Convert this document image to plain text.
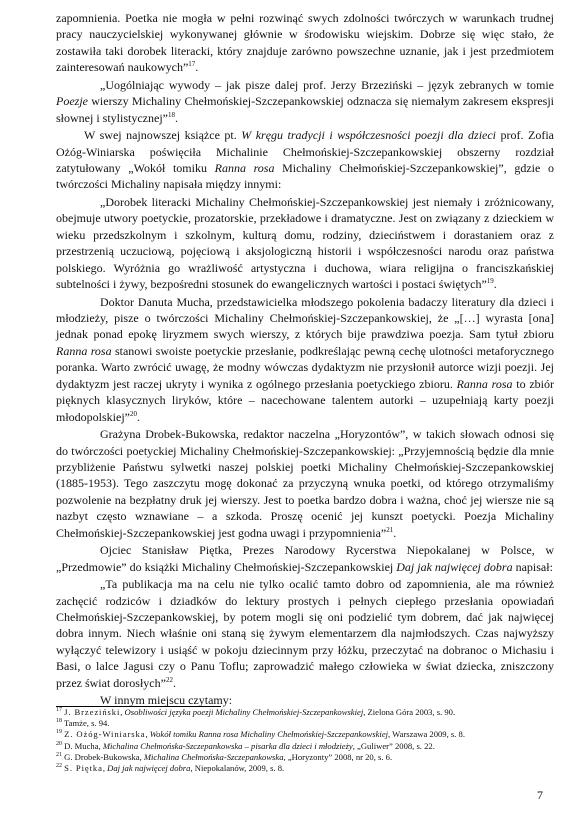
zapomnienia. Poetka nie mogła w pełni rozwinąć swych zdolności twórczych w warunkach trudnej pracy nauczycielskiej wykonywanej głównie w środowisku wiejskim. Dobrze się więc stało, że zostawiła taki dorobek literacki, który znajduje zarówno powszechne uznanie, jak i jest przedmiotem zainteresowań naukowych”$^{17}$.

„Uogólniając wywody – jak pisze dalej prof. Jerzy Brzeziński – język zebranych w tomie Poezje wierszy Michaliny Chełmońskiej-Szczepankowskiej odznacza się niemałym zakresem ekspresji słownej i stylistycznej”$^{18}$.

W swej najnowszej książce pt. W kręgu tradycji i współczesności poezji dla dzieci prof. Zofia Ożóg-Winiarska poświęciła Michalinie Chełmońskiej-Szczepankowskiej obszerny rozdział zatytułowany „Wokół tomiku Ranna rosa Michaliny Chełmońskiej-Szczepankowskiej”, gdzie o twórczości Michaliny napisała między innymi:

„Dorobek literacki Michaliny Chełmońskiej-Szczepankowskiej jest niemały i zróżnicowany, obejmuje utwory poetyckie, prozatorskie, przekładowe i dramatyczne. Jest on związany z dzieckiem w wieku przedszkolnym i szkolnym, kulturą domu, rodziny, dzieciństwem i dorastaniem oraz z przestrzenią uczuciową, pojęciową i aksjologiczną historii i współczesności narodu oraz państwa polskiego. Wyróżnia go wrażliwość artystyczna i duchowa, wiara religijna o franciszkańskiej subtelności i żywy, bezpośredni stosunek do ewangelicznych wartości i postaci świętych”$^{19}$.

Doktor Danuta Mucha, przedstawicielka młodszego pokolenia badaczy literatury dla dzieci i młodzieży, pisze o twórczości Michaliny Chełmońskiej-Szczepankowskiej, że „[…] wyrasta [ona] jednak ponad epokę liryzmem swych wierszy, z których bije prawdziwa poezja. Sam tytuł zbioru Ranna rosa stanowi swoiste poetyckie przesłanie, podkreślając pewną cechę ulotności metaforycznego poranka. Warto zwrócić uwagę, że modny wówczas dydaktyzm nie przysłonił autorce wizji poezji. Jej dydaktyzm jest raczej ukryty i wynika z ogólnego przesłania poetyckiego zbioru. Ranna rosa to zbiór pięknych klasycznych liryków, które – nacechowane talentem autorki – uzupełniają karty poezji młodopolskiej”$^{20}$.

Grażyna Drobek-Bukowska, redaktor naczelna „Horyzontów”, w takich słowach odnosi się do twórczości poetyckiej Michaliny Chełmońskiej-Szczepankowskiej: „Przyjemnością będzie dla mnie przybliżenie Państwu sylwetki naszej polskiej poetki Michaliny Chełmońskiej-Szczepankowskiej (1885-1953). Tego zaszczytu mogę dokonać za przyczyną wnuka poetki, od którego otrzymaliśmy pozwolenie na bezpłatny druk jej wierszy. Jest to poetka bardzo dobra i ważna, choć jej wiersze nie są nazbyt często wznawiane – a szkoda. Proszę ocenić jej kunszt poetycki. Poezja Michaliny Chełmońskiej-Szczepankowskiej jest godna uwagi i przypomnienia”$^{21}$.

Ojciec Stanisław Piętka, Prezes Narodowy Rycerstwa Niepokalanej w Polsce, w „Przedmowie” do książki Michaliny Chełmońskiej-Szczepankowskiej Daj jak najwięcej dobra napisał:

„Ta publikacja ma na celu nie tylko ocalić tamto dobro od zapomnienia, ale ma również zachęcić rodziców i dziadków do lektury prostych i pełnych ciepłego przesłania opowiadań Chełmońskiej-Szczepankowskiej, by potem mogli się oni podzielić tym dobrem, dać jak najwięcej dobra innym. Niech właśnie oni staną się żywym elementarzem dla najmłodszych. Czas najwyższy wyłączyć telewizory i usiąść w pokoju dziecinnym przy łóżku, przeczytać na dobranoc o Michasiu i Basi, o lalce Jagusi czy o Panu Toflu; zaprowadzić małego człowieka w świat dziecka, zniszczony przez świat dorosłych”$^{22}$.

W innym miejscu czytamy:

$^{17}$ J. Brzeziński, Osobliwości języka poezji Michaliny Chełmońskiej-Szczepankowskiej, Zielona Góra 2003, s. 90.

$^{18}$ Tamże, s. 94.

$^{19}$ Z. Ożóg-Winiarska, Wokół tomiku Ranna rosa Michaliny Chełmońskiej-Szczepankowskiej, Warszawa 2009, s. 8.

$^{20}$ D. Mucha, Michalina Chełmońska-Szczepankowska – pisarka dla dzieci i młodzieży, „Guliwer” 2008, s. 22.

$^{21}$ G. Drobek-Bukowska, Michalina Chełmońska-Szczepankowska, „Horyzonty” 2008, nr 20, s. 6.

$^{22}$ S. Piętka, Daj jak najwięcej dobra, Niepokalanów, 2009, s. 8.

7
